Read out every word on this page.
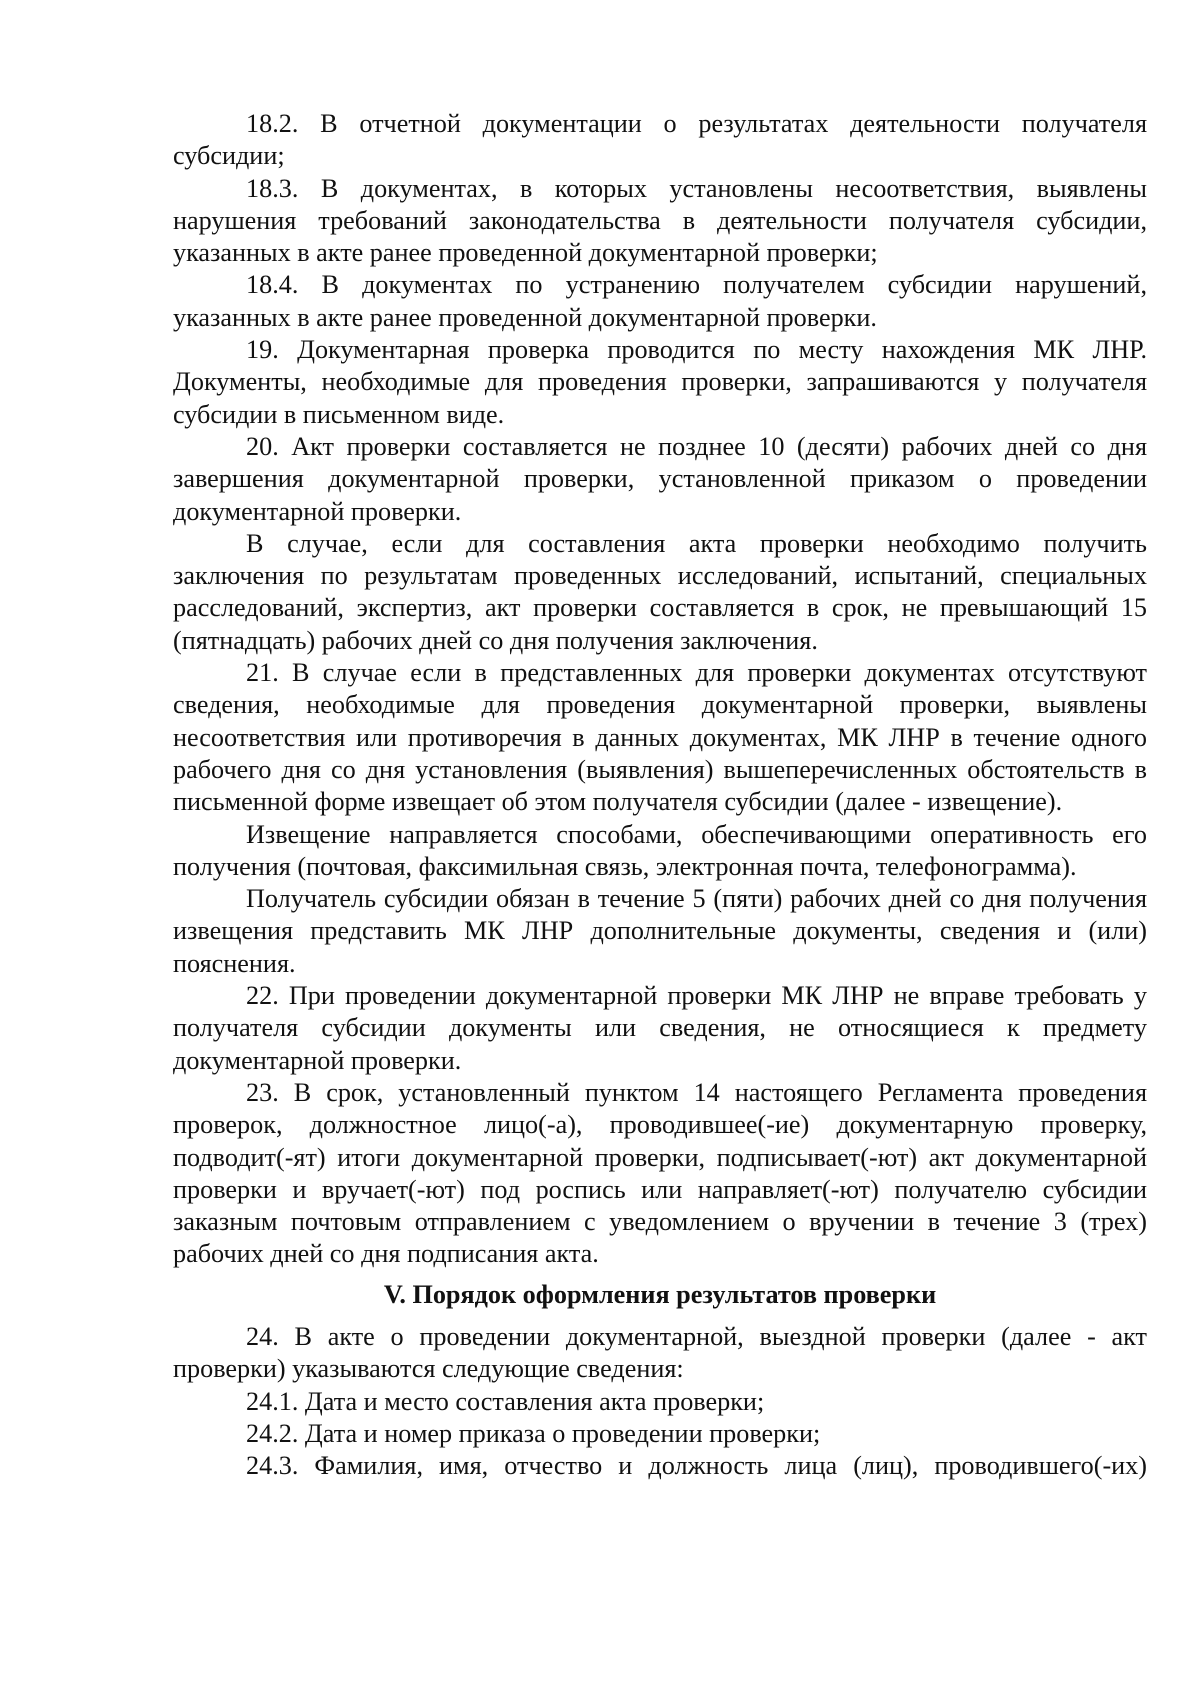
18.2. В отчетной документации о результатах деятельности получателя субсидии;

18.3. В документах, в которых установлены несоответствия, выявлены нарушения требований законодательства в деятельности получателя субсидии, указанных в акте ранее проведенной документарной проверки;

18.4. В документах по устранению получателем субсидии нарушений, указанных в акте ранее проведенной документарной проверки.

19. Документарная проверка проводится по месту нахождения МК ЛНР. Документы, необходимые для проведения проверки, запрашиваются у получателя субсидии в письменном виде.

20. Акт проверки составляется не позднее 10 (десяти) рабочих дней со дня завершения документарной проверки, установленной приказом о проведении документарной проверки.

В случае, если для составления акта проверки необходимо получить заключения по результатам проведенных исследований, испытаний, специальных расследований, экспертиз, акт проверки составляется в срок, не превышающий 15 (пятнадцать) рабочих дней со дня получения заключения.

21. В случае если в представленных для проверки документах отсутствуют сведения, необходимые для проведения документарной проверки, выявлены несоответствия или противоречия в данных документах, МК ЛНР в течение одного рабочего дня со дня установления (выявления) вышеперечисленных обстоятельств в письменной форме извещает об этом получателя субсидии (далее - извещение).

Извещение направляется способами, обеспечивающими оперативность его получения (почтовая, факсимильная связь, электронная почта, телефонограмма).

Получатель субсидии обязан в течение 5 (пяти) рабочих дней со дня получения извещения представить МК ЛНР дополнительные документы, сведения и (или) пояснения.

22. При проведении документарной проверки МК ЛНР не вправе требовать у получателя субсидии документы или сведения, не относящиеся к предмету документарной проверки.

23. В срок, установленный пунктом 14 настоящего Регламента проведения проверок, должностное лицо(-а), проводившее(-ие) документарную проверку, подводит(-ят) итоги документарной проверки, подписывает(-ют) акт документарной проверки и вручает(-ют) под роспись или направляет(-ют) получателю субсидии заказным почтовым отправлением с уведомлением о вручении в течение 3 (трех) рабочих дней со дня подписания акта.

V. Порядок оформления результатов проверки

24. В акте о проведении документарной, выездной проверки (далее - акт проверки) указываются следующие сведения:

24.1. Дата и место составления акта проверки;

24.2. Дата и номер приказа о проведении проверки;

24.3. Фамилия, имя, отчество и должность лица (лиц), проводившего(-их)
